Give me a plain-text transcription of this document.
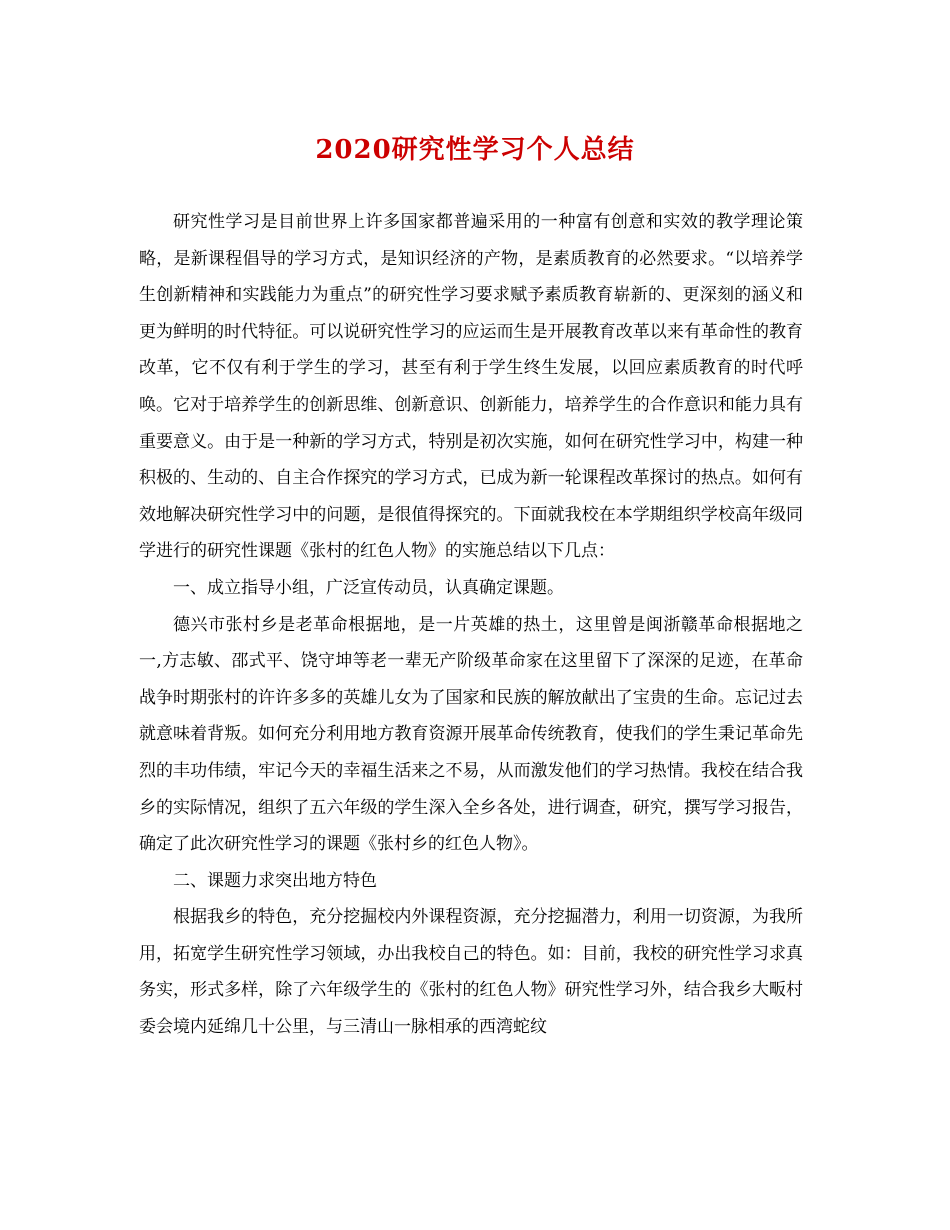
2020研究性学习个人总结

研究性学习是目前世界上许多国家都普遍采用的一种富有创意和实效的教学理论策略，是新课程倡导的学习方式，是知识经济的产物，是素质教育的必然要求。“以培养学生创新精神和实践能力为重点”的研究性学习要求赋予素质教育崭新的、更深刻的涵义和更为鲜明的时代特征。可以说研究性学习的应运而生是开展教育改革以来有革命性的教育改革，它不仅有利于学生的学习，甚至有利于学生终生发展，以回应素质教育的时代呼唤。它对于培养学生的创新思维、创新意识、创新能力，培养学生的合作意识和能力具有重要意义。由于是一种新的学习方式，特别是初次实施，如何在研究性学习中，构建一种积极的、生动的、自主合作探究的学习方式，已成为新一轮课程改革探讨的热点。如何有效地解决研究性学习中的问题，是很值得探究的。下面就我校在本学期组织学校高年级同学进行的研究性课题《张村的红色人物》的实施总结以下几点：

一、成立指导小组，广泛宣传动员，认真确定课题。

德兴市张村乡是老革命根据地，是一片英雄的热土，这里曾是闽浙赣革命根据地之一,方志敏、邵式平、饶守坤等老一辈无产阶级革命家在这里留下了深深的足迹，在革命战争时期张村的许许多多的英雄儿女为了国家和民族的解放献出了宝贵的生命。忘记过去就意味着背叛。如何充分利用地方教育资源开展革命传统教育，使我们的学生秉记革命先烈的丰功伟绩，牢记今天的幸福生活来之不易，从而激发他们的学习热情。我校在结合我乡的实际情况，组织了五六年级的学生深入全乡各处，进行调查，研究，撰写学习报告，确定了此次研究性学习的课题《张村乡的红色人物》。

二、课题力求突出地方特色

根据我乡的特色，充分挖掘校内外课程资源，充分挖掘潜力，利用一切资源，为我所用，拓宽学生研究性学习领域，办出我校自己的特色。如：目前，我校的研究性学习求真务实，形式多样，除了六年级学生的《张村的红色人物》研究性学习外，结合我乡大畈村委会境内延绵几十公里，与三清山一脉相承的西湾蛇纹
